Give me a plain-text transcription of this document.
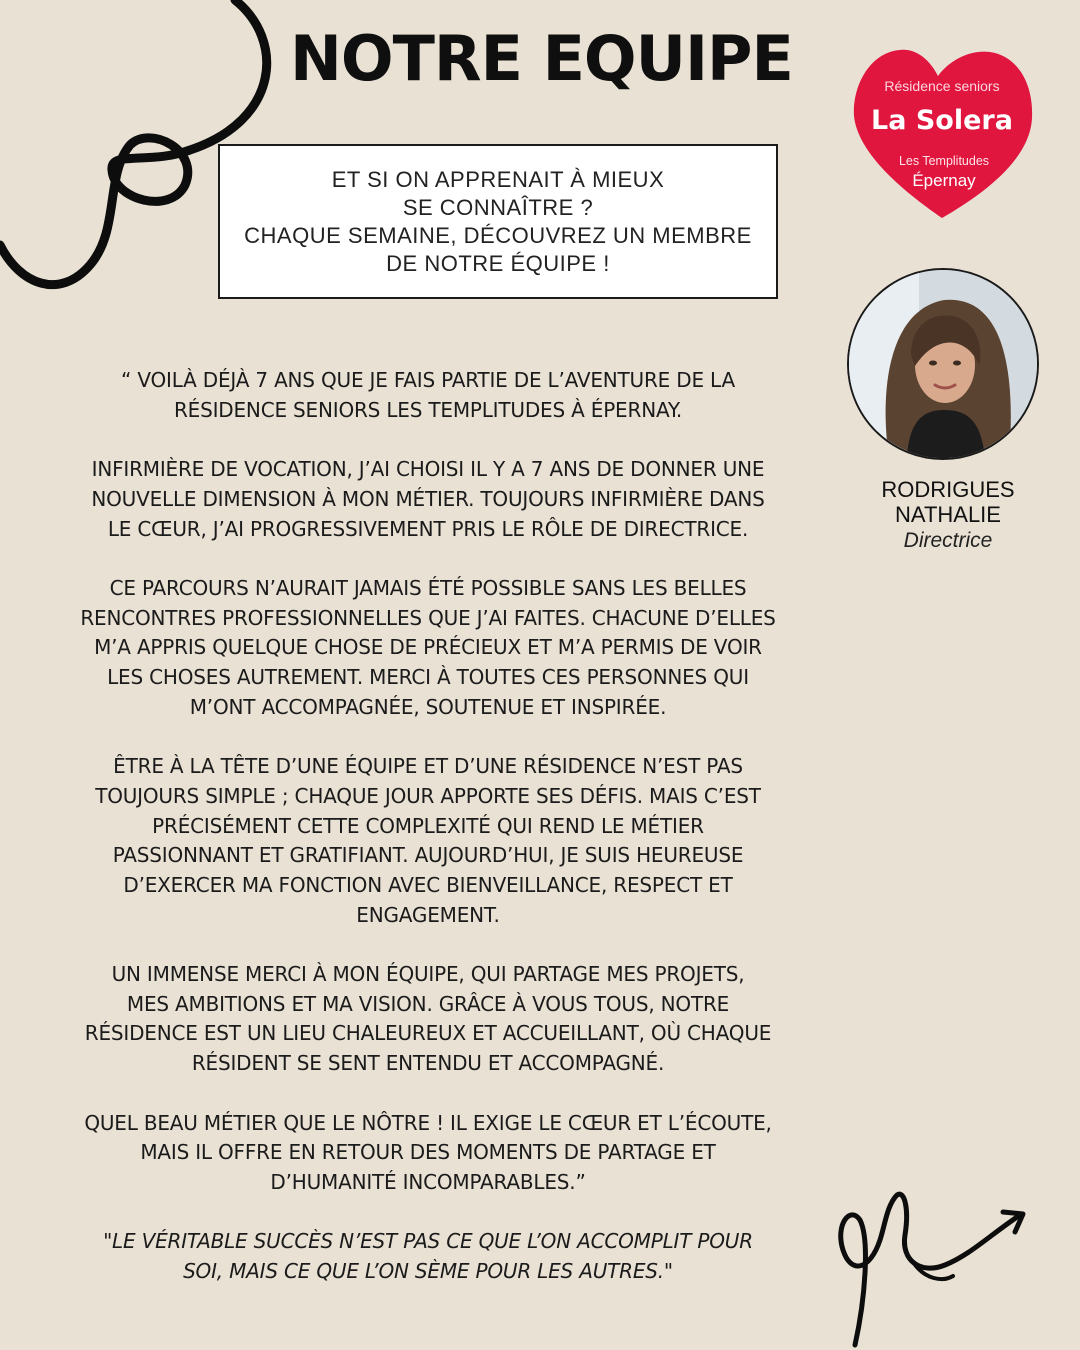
NOTRE EQUIPE
ET SI ON APPRENAIT À MIEUX
SE CONNAÎTRE ?
CHAQUE SEMAINE, DÉCOUVREZ UN MEMBRE
DE NOTRE ÉQUIPE !
Résidence seniors
La Solera
Les Templitudes
Épernay
RODRIGUES
NATHALIE
Directrice

“ VOILÀ DÉJÀ 7 ANS QUE JE FAIS PARTIE DE L’AVENTURE DE LA
RÉSIDENCE SENIORS LES TEMPLITUDES À ÉPERNAY.

INFIRMIÈRE DE VOCATION, J’AI CHOISI IL Y A 7 ANS DE DONNER UNE
NOUVELLE DIMENSION À MON MÉTIER. TOUJOURS INFIRMIÈRE DANS
LE CŒUR, J’AI PROGRESSIVEMENT PRIS LE RÔLE DE DIRECTRICE.

CE PARCOURS N’AURAIT JAMAIS ÉTÉ POSSIBLE SANS LES BELLES
RENCONTRES PROFESSIONNELLES QUE J’AI FAITES. CHACUNE D’ELLES
M’A APPRIS QUELQUE CHOSE DE PRÉCIEUX ET M’A PERMIS DE VOIR
LES CHOSES AUTREMENT. MERCI À TOUTES CES PERSONNES QUI
M’ONT ACCOMPAGNÉE, SOUTENUE ET INSPIRÉE.

ÊTRE À LA TÊTE D’UNE ÉQUIPE ET D’UNE RÉSIDENCE N’EST PAS
TOUJOURS SIMPLE ; CHAQUE JOUR APPORTE SES DÉFIS. MAIS C’EST
PRÉCISÉMENT CETTE COMPLEXITÉ QUI REND LE MÉTIER
PASSIONNANT ET GRATIFIANT. AUJOURD’HUI, JE SUIS HEUREUSE
D’EXERCER MA FONCTION AVEC BIENVEILLANCE, RESPECT ET
ENGAGEMENT.

UN IMMENSE MERCI À MON ÉQUIPE, QUI PARTAGE MES PROJETS,
MES AMBITIONS ET MA VISION. GRÂCE À VOUS TOUS, NOTRE
RÉSIDENCE EST UN LIEU CHALEUREUX ET ACCUEILLANT, OÙ CHAQUE
RÉSIDENT SE SENT ENTENDU ET ACCOMPAGNÉ.

QUEL BEAU MÉTIER QUE LE NÔTRE ! IL EXIGE LE CŒUR ET L’ÉCOUTE,
MAIS IL OFFRE EN RETOUR DES MOMENTS DE PARTAGE ET
D’HUMANITÉ INCOMPARABLES.”

"LE VÉRITABLE SUCCÈS N’EST PAS CE QUE L’ON ACCOMPLIT POUR
SOI, MAIS CE QUE L’ON SÈME POUR LES AUTRES."
